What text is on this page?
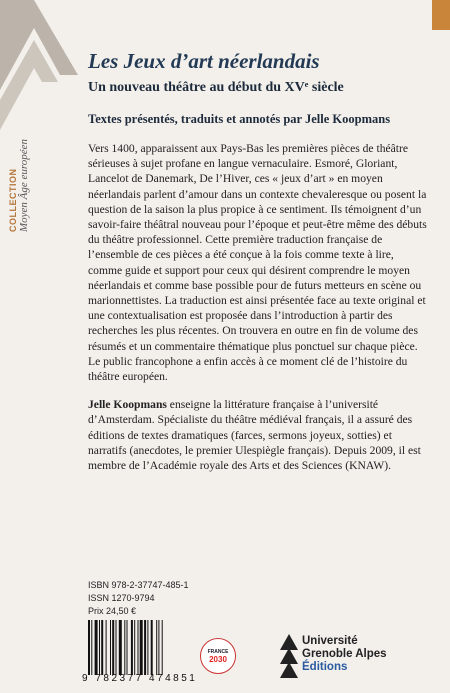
COLLECTION Moyen Âge européen
Les Jeux d’art néerlandais
Un nouveau théâtre au début du XVᵉ siècle

Textes présentés, traduits et annotés par Jelle Koopmans

Vers 1400, apparaissent aux Pays-Bas les premières pièces de théâtre sérieuses à sujet profane en langue vernaculaire. Esmoré, Gloriant, Lancelot de Danemark, De l’Hiver, ces « jeux d’art » en moyen néerlandais parlent d’amour dans un contexte chevaleresque ou posent la question de la saison la plus propice à ce sentiment. Ils témoignent d’un savoir-faire théâtral nouveau pour l’époque et peut-être même des débuts du théâtre professionnel. Cette première traduction française de l’ensemble de ces pièces a été conçue à la fois comme texte à lire, comme guide et support pour ceux qui désirent comprendre le moyen néerlandais et comme base possible pour de futurs metteurs en scène ou marionnettistes. La traduction est ainsi présentée face au texte original et une contextualisation est proposée dans l’introduction à partir des recherches les plus récentes. On trouvera en outre en fin de volume des résumés et un commentaire thématique plus ponctuel sur chaque pièce. Le public francophone a enfin accès à ce moment clé de l’histoire du théâtre européen.

Jelle Koopmans enseigne la littérature française à l’université d’Amsterdam. Spécialiste du théâtre médiéval français, il a assuré des éditions de textes dramatiques (farces, sermons joyeux, sotties) et narratifs (anecdotes, le premier Ulespiègle français). Depuis 2009, il est membre de l’Académie royale des Arts et des Sciences (KNAW).

ISBN 978-2-37747-485-1
ISSN 1270-9794
Prix 24,50 €
9 782377 474851
FRANCE
2030
Université
Grenoble Alpes
Éditions
